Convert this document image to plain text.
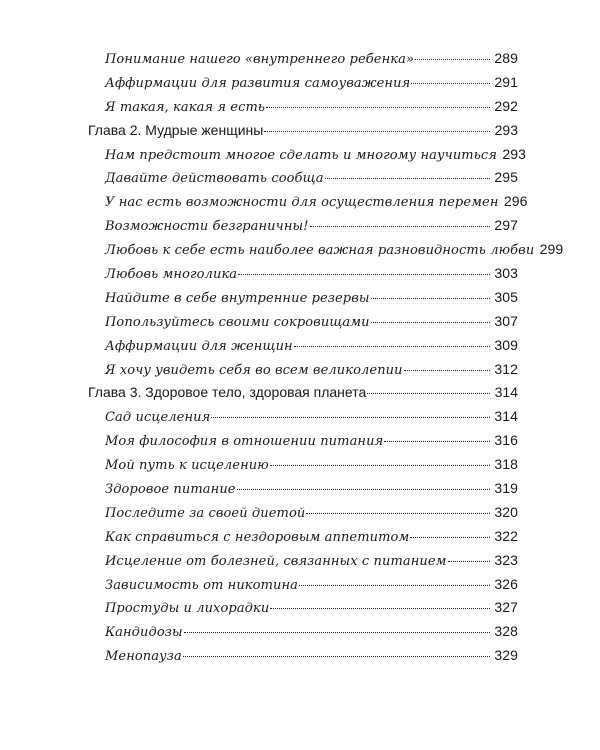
Понимание нашего «внутреннего ребенка»	289
Аффирмации для развития самоуважения	291
Я такая, какая я есть	292
Глава 2. Мудрые женщины	293
Нам предстоит многое сделать и многому научиться 293
Давайте действовать сообща	295
У нас есть возможности для осуществления перемен 296
Возможности безграничны!	297
Любовь к себе есть наиболее важная разновидность любви 299
Любовь многолика	303
Найдите в себе внутренние резервы	305
Попользуйтесь своими сокровищами	307
Аффирмации для женщин	309
Я хочу увидеть себя во всем великолепии	312
Глава 3. Здоровое тело, здоровая планета	314
Сад исцеления	314
Моя философия в отношении питания	316
Мой путь к исцелению	318
Здоровое питание	319
Последите за своей диетой	320
Как справиться с нездоровым аппетитом	322
Исцеление от болезней, связанных с питанием	323
Зависимость от никотина	326
Простуды и лихорадки	327
Кандидозы	328
Менопауза	329
